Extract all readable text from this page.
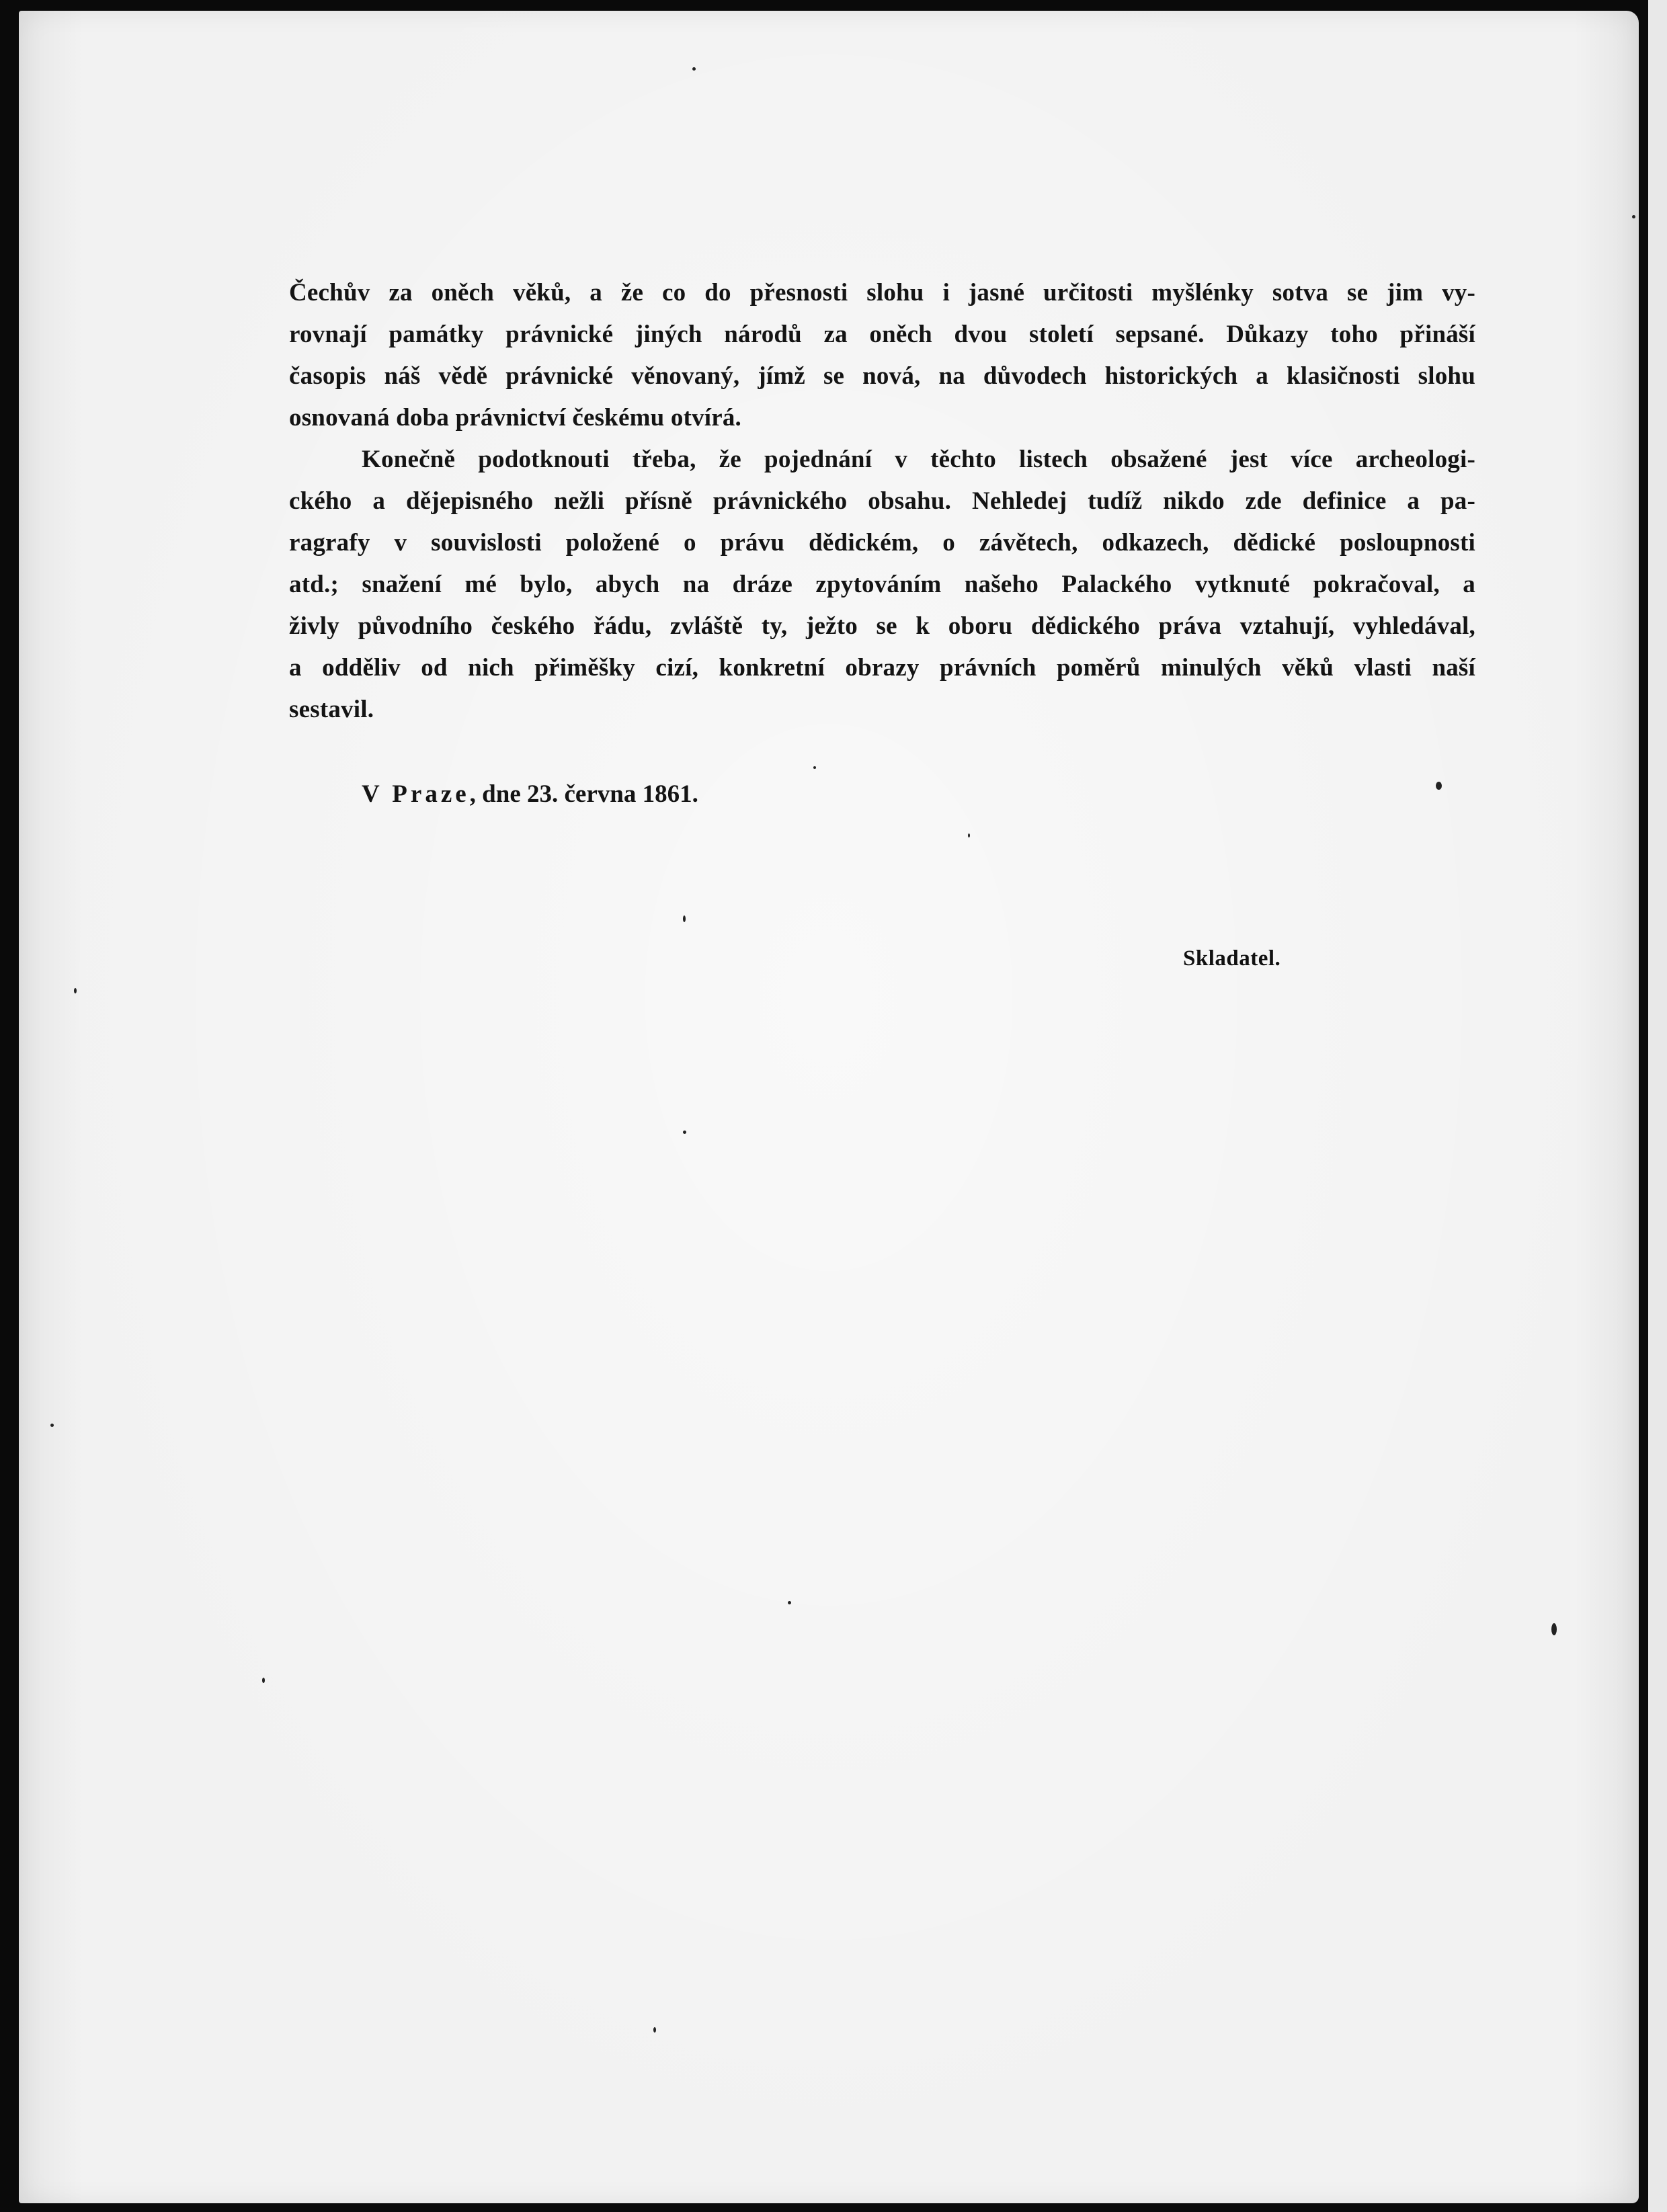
Čechův za oněch věků, a že co do přesnosti slohu i jasné určitosti myšlénky sotva se jim vy-
rovnají památky právnické jiných národů za oněch dvou století sepsané. Důkazy toho přináší
časopis náš vědě právnické věnovaný, jímž se nová, na důvodech historických a klasičnosti slohu
osnovaná doba právnictví českému otvírá.
Konečně podotknouti třeba, že pojednání v těchto listech obsažené jest více archeologi-
ckého a dějepisného nežli přísně právnického obsahu. Nehledej tudíž nikdo zde definice a pa-
ragrafy v souvislosti položené o právu dědickém, o závětech, odkazech, dědické posloupnosti
atd.; snažení mé bylo, abych na dráze zpytováním našeho Palackého vytknuté pokračoval, a
živly původního českého řádu, zvláště ty, ježto se k oboru dědického práva vztahují, vyhledával,
a odděliv od nich přiměšky cizí, konkretní obrazy právních poměrů minulých věků vlasti naší
sestavil.
V Praze, dne 23. června 1861.
Skladatel.
